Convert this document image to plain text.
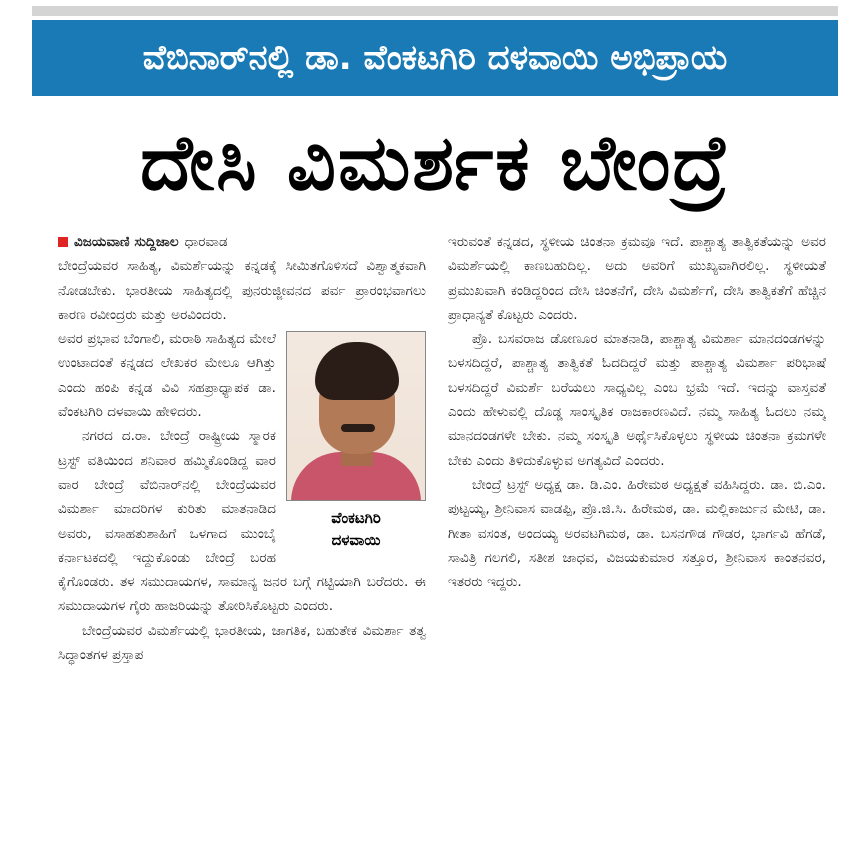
ವೆಬಿನಾರ್‌ನಲ್ಲಿ ಡಾ. ವೆಂಕಟಗಿರಿ ದಳವಾಯಿ ಅಭಿಪ್ರಾಯ
ದೇಸಿ ವಿಮರ್ಶಕ ಬೇಂದ್ರೆ
ವಿಜಯವಾಣಿ ಸುದ್ದಿಜಾಲ ಧಾರವಾಡ

ಬೇಂದ್ರೆಯವರ ಸಾಹಿತ್ಯ, ವಿಮರ್ಶೆಯನ್ನು ಕನ್ನಡಕ್ಕೆ ಸೀಮಿತಗೊಳಿಸದೆ ವಿಶ್ವಾತ್ಮಕವಾಗಿ ನೋಡಬೇಕು. ಭಾರತೀಯ ಸಾಹಿತ್ಯದಲ್ಲಿ ಪುನರುಜ್ಜೀವನದ ಪರ್ವ ಪ್ರಾರಂಭವಾಗಲು ಕಾರಣ ರವೀಂದ್ರರು ಮತ್ತು ಅರವಿಂದರು.

ವೆಂಕಟಗಿರಿ
ದಳವಾಯಿ

ಅವರ ಪ್ರಭಾವ ಬೆಂಗಾಲಿ, ಮರಾಠಿ ಸಾಹಿತ್ಯದ ಮೇಲೆ ಉಂಟಾದಂತೆ ಕನ್ನಡದ ಲೇಖಕರ ಮೇಲೂ ಆಗಿತ್ತು ಎಂದು ಹಂಪಿ ಕನ್ನಡ ವಿವಿ ಸಹಪ್ರಾಧ್ಯಾಪಕ ಡಾ. ವೆಂಕಟಗಿರಿ ದಳವಾಯಿ ಹೇಳಿದರು.

ನಗರದ ದ.ರಾ. ಬೇಂದ್ರೆ ರಾಷ್ಟ್ರೀಯ ಸ್ಮಾರಕ ಟ್ರಸ್ಟ್ ವತಿಯಿಂದ ಶನಿವಾರ ಹಮ್ಮಿಕೊಂಡಿದ್ದ ವಾರ ವಾರ ಬೇಂದ್ರೆ ವೆಬಿನಾರ್‌ನಲ್ಲಿ ಬೇಂದ್ರೆಯವರ ವಿಮರ್ಶಾ ಮಾದರಿಗಳ ಕುರಿತು ಮಾತನಾಡಿದ ಅವರು, ವಸಾಹತುಶಾಹಿಗೆ ಒಳಗಾದ ಮುಂಬೈ ಕರ್ನಾಟಕದಲ್ಲಿ ಇದ್ದುಕೊಂಡು ಬೇಂದ್ರೆ ಬರಹ ಕೈಗೊಂಡರು. ತಳ ಸಮುದಾಯಗಳ, ಸಾಮಾನ್ಯ ಜನರ ಬಗ್ಗೆ ಗಟ್ಟಿಯಾಗಿ ಬರೆದರು. ಈ ಸಮುದಾಯಗಳ ಗೈರು ಹಾಜರಿಯನ್ನು ತೋರಿಸಿಕೊಟ್ಟರು ಎಂದರು.

ಬೇಂದ್ರೆಯವರ ವಿಮರ್ಶೆಯಲ್ಲಿ ಭಾರತೀಯ, ಜಾಗತಿಕ, ಬಹುತೇಕ ವಿಮರ್ಶಾ ತತ್ವ ಸಿದ್ಧಾಂತಗಳ ಪ್ರಸ್ತಾಪ

ಇರುವಂತೆ ಕನ್ನಡದ, ಸ್ಥಳೀಯ ಚಿಂತನಾ ಕ್ರಮವೂ ಇದೆ. ಪಾಶ್ಚಾತ್ಯ ತಾತ್ವಿಕತೆಯನ್ನು ಅವರ ವಿಮರ್ಶೆಯಲ್ಲಿ ಕಾಣಬಹುದಿಲ್ಲ. ಅದು ಅವರಿಗೆ ಮುಖ್ಯವಾಗಿರಲಿಲ್ಲ. ಸ್ಥಳೀಯತೆ ಪ್ರಮುಖವಾಗಿ ಕಂಡಿದ್ದರಿಂದ ದೇಸಿ ಚಿಂತನೆಗೆ, ದೇಸಿ ವಿಮರ್ಶೆಗೆ, ದೇಸಿ ತಾತ್ವಿಕತೆಗೆ ಹೆಚ್ಚಿನ ಪ್ರಾಧಾನ್ಯತೆ ಕೊಟ್ಟರು ಎಂದರು.

ಪ್ರೊ. ಬಸವರಾಜ ಡೋಣೂರ ಮಾತನಾಡಿ, ಪಾಶ್ಚಾತ್ಯ ವಿಮರ್ಶಾ ಮಾನದಂಡಗಳನ್ನು ಬಳಸದಿದ್ದರೆ, ಪಾಶ್ಚಾತ್ಯ ತಾತ್ವಿಕತೆ ಓದದಿದ್ದರೆ ಮತ್ತು ಪಾಶ್ಚಾತ್ಯ ವಿಮರ್ಶಾ ಪರಿಭಾಷೆ ಬಳಸದಿದ್ದರೆ ವಿಮರ್ಶೆ ಬರೆಯಲು ಸಾಧ್ಯವಿಲ್ಲ ಎಂಬ ಭ್ರಮೆ ಇದೆ. ಇದನ್ನು ವಾಸ್ತವತೆ ಎಂದು ಹೇಳುವಲ್ಲಿ ದೊಡ್ಡ ಸಾಂಸ್ಕೃತಿಕ ರಾಜಕಾರಣವಿದೆ. ನಮ್ಮ ಸಾಹಿತ್ಯ ಓದಲು ನಮ್ಮ ಮಾನದಂಡಗಳೇ ಬೇಕು. ನಮ್ಮ ಸಂಸ್ಕೃತಿ ಅರ್ಥೈಸಿಕೊಳ್ಳಲು ಸ್ಥಳೀಯ ಚಿಂತನಾ ಕ್ರಮಗಳೇ ಬೇಕು ಎಂದು ತಿಳಿದುಕೊಳ್ಳುವ ಅಗತ್ಯವಿದೆ ಎಂದರು.

ಬೇಂದ್ರೆ ಟ್ರಸ್ಟ್ ಅಧ್ಯಕ್ಷ ಡಾ. ಡಿ.ಎಂ. ಹಿರೇಮಠ ಅಧ್ಯಕ್ಷತೆ ವಹಿಸಿದ್ದರು. ಡಾ. ಬಿ.ಎಂ. ಪುಟ್ಟಯ್ಯ, ಶ್ರೀನಿವಾಸ ವಾಡಪ್ಪಿ, ಪ್ರೊ.ಜಿ.ಸಿ. ಹಿರೇಮಠ, ಡಾ. ಮಲ್ಲಿಕಾರ್ಜುನ ಮೇಟಿ, ಡಾ. ಗೀತಾ ವಸಂತ, ಅಂದಯ್ಯ ಅರವಟಗಿಮಠ, ಡಾ. ಬಸನಗೌಡ ಗೌಡರ, ಭಾರ್ಗವಿ ಹೆಗಡೆ, ಸಾವಿತ್ರಿ ಗಲಗಲಿ, ಸತೀಶ ಜಾಧವ, ವಿಜಯಕುಮಾರ ಸತ್ತೂರ, ಶ್ರೀನಿವಾಸ ಕಾಂತನವರ, ಇತರರು ಇದ್ದರು.
